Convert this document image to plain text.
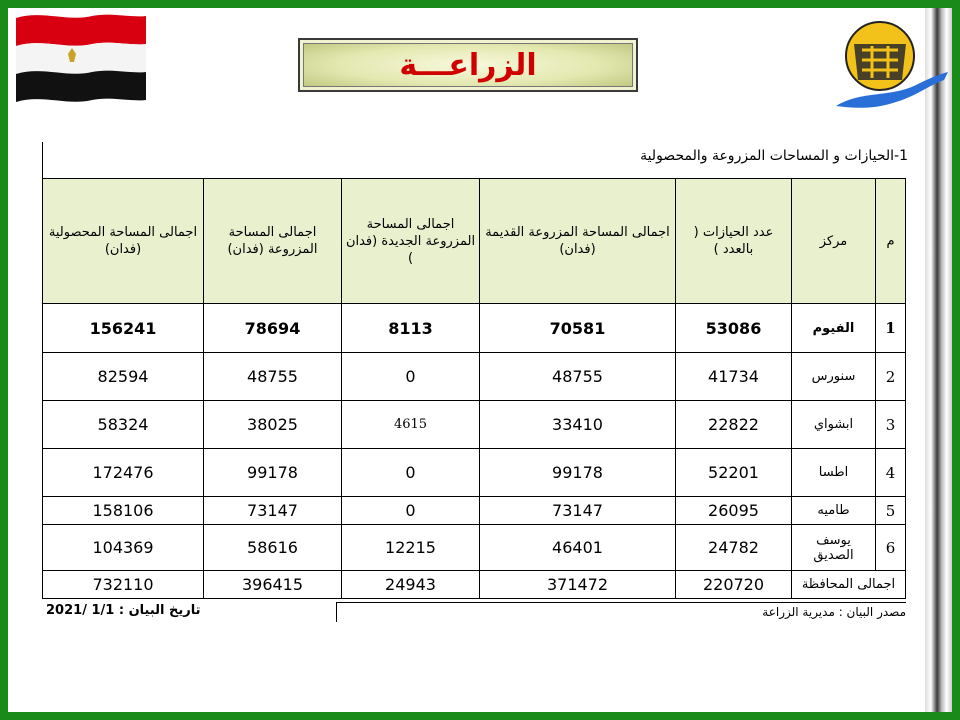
الزراعـــة
1-الحيازات و المساحات المزروعة والمحصولية
م	مركز	عدد الحيازات ( بالعدد )	اجمالى المساحة المزروعة القديمة (فدان)	اجمالى المساحة المزروعة الجديدة (فدان )	اجمالى المساحة المزروعة (فدان)	اجمالى المساحة المحصولية (فدان)
1	الفيوم	53086	70581	8113	78694	156241
2	سنورس	41734	48755	0	48755	82594
3	ابشواي	22822	33410	4615	38025	58324
4	اطسا	52201	99178	0	99178	172476
5	طاميه	26095	73147	0	73147	158106
6	يوسف الصديق	24782	46401	12215	58616	104369
اجمالى المحافظة		220720	371472	24943	396415	732110
تاريخ البيان : 1/1 /2021	مصدر البيان : مديرية الزراعة
